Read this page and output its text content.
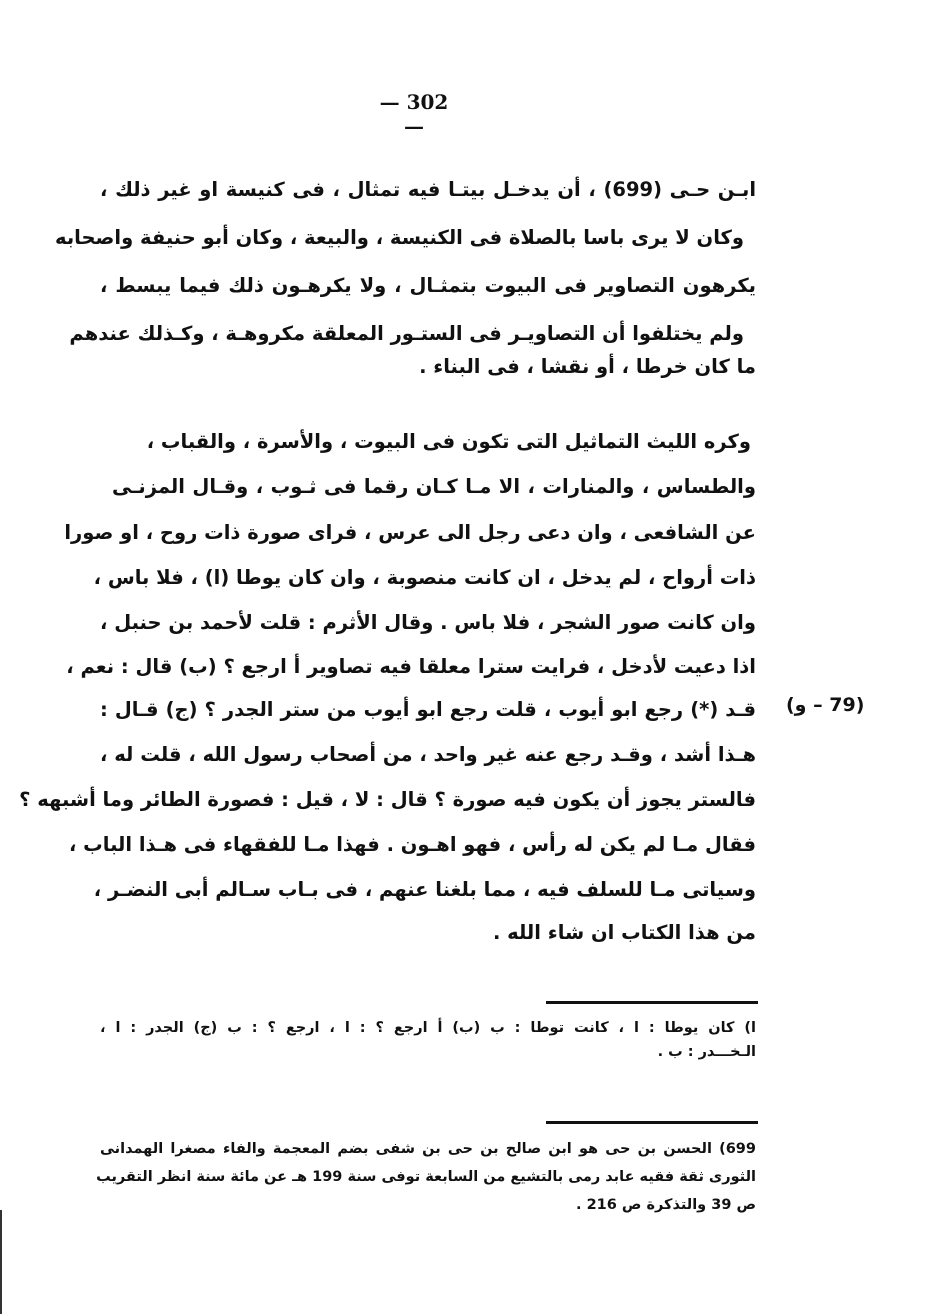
— 302 —
ابـن حـى (699) ، أن يدخـل بيتـا فيه تمثال ، فى كنيسة او غير ذلك ،
وكان لا يرى باسا بالصلاة فى الكنيسة ، والبيعة ، وكان أبو حنيفة واصحابه
يكرهون التصاوير فى البيوت بتمثـال ، ولا يكرهـون ذلك فيما يبسط ،
ولم يختلفوا أن التصاويـر فى الستـور المعلقة مكروهـة ، وكـذلك عندهم
ما كان خرطا ، أو نقشا ، فى البناء .
وكره الليث التماثيل التى تكون فى البيوت ، والأسرة ، والقباب ،
والطساس ، والمنارات ، الا مـا كـان رقما فى ثـوب ، وقـال المزنـى
عن الشافعى ، وان دعى رجل الى عرس ، فراى صورة ذات روح ، او صورا
ذات أرواح ، لم يدخل ، ان كانت منصوبة ، وان كان يوطا (ا) ، فلا باس ،
وان كانت صور الشجر ، فلا باس . وقال الأثرم : قلت لأحمد بن حنبل ،
اذا دعيت لأدخل ، فرايت سترا معلقا فيه تصاوير أ ارجع ؟ (ب) قال : نعم ،
قـد (*) رجع ابو أيوب ، قلت رجع ابو أيوب من ستر الجدر ؟ (ج) قـال :
هـذا أشد ، وقـد رجع عنه غير واحد ، من أصحاب رسول الله ، قلت له ،
فالستر يجوز أن يكون فيه صورة ؟ قال : لا ، قيل : فصورة الطائر وما أشبهه ؟
فقال مـا لم يكن له رأس ، فهو اهـون . فهذا مـا للفقهاء فى هـذا الباب ،
وسياتى مـا للسلف فيه ، مما بلغنا عنهم ، فى بـاب سـالم أبى النضـر ،
من هذا الكتاب ان شاء الله .
(79 – و)
ا) كان يوطا : ا ، كانت توطا : ب (ب) أ ارجع ؟ : ا ، ارجع ؟ : ب (ج) الجدر : ا ،
الـخـــدر : ب .
699) الحسن بن حى هو ابن صالح بن حى بن شفى بضم المعجمة والفاء مصغرا الهمدانى
الثورى ثقة فقيه عابد رمى بالتشيع من السابعة توفى سنة 199 هـ عن مائة سنة انظر التقريب
ص 39 والتذكرة ص 216 .
